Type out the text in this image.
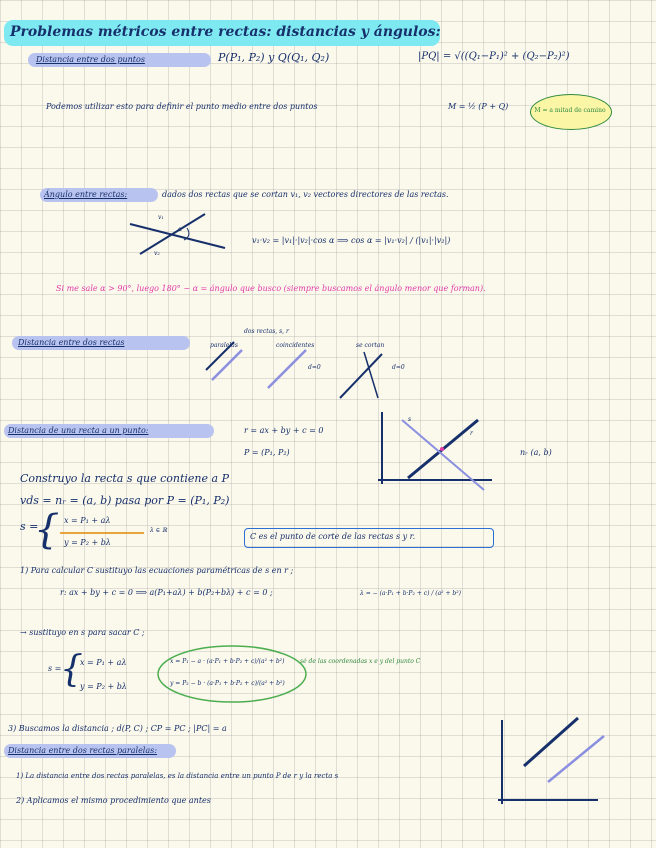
Problemas métricos entre rectas: distancias y ángulos:
Distancia entre dos puntos	P(P₁, P₂) y Q(Q₁, Q₂)	|PQ| = √((Q₁−P₁)² + (Q₂−P₂)²)
Podemos utilizar esto para definir el punto medio entre dos puntos	M = ½ (P + Q)	M = a mitad de camino
Ángulo entre rectas:	dados dos rectas que se cortan v₁, v₂ vectores directores de las rectas.
v₁
v₂
α
v₁·v₂ = |v₁|·|v₂|·cos α ⟹ cos α = |v₁·v₂| / (|v₁|·|v₂|)
Si me sale α > 90°, luego 180° − α = ángulo que busco (siempre buscamos el ángulo menor que forman).
Distancia entre dos rectas
dos rectas, s, r
paralelas	coincidentes	se cortan
d=0	d=0
Distancia de una recta a un punto:	r = ax + by + c = 0
P = (P₁, P₂)	nᵣ (a, b)
Construyo la recta s que contiene a P
vds = nᵣ = (a, b) pasa por P = (P₁, P₂)
{
s =	x = P₁ + aλ
y = P₂ + bλ
λ ∈ ℝ
C es el punto de corte de las rectas s y r.
1) Para calcular C sustituyo las ecuaciones paramétricas de s en r ;
r: ax + by + c = 0 ⟹ a(P₁+aλ) + b(P₂+bλ) + c = 0 ;	λ = − (a·P₁ + b·P₂ + c) / (a² + b²)
→ sustituyo en s para sacar C ;
{
s =
x = P₁ + aλ
y = P₂ + bλ
x = P₁ − a · (a·P₁ + b·P₂ + c)/(a² + b²)
y = P₂ − b · (a·P₁ + b·P₂ + c)/(a² + b²)
sé de las coordenadas x e y del punto C
3) Buscamos la distancia ; d(P, C) ; CP = PC ; |PC| = a
Distancia entre dos rectas paralelas:
1) La distancia entre dos rectas paralelas, es la distancia entre un punto P de r y la recta s
2) Aplicamos el mismo procedimiento que antes
r
s
